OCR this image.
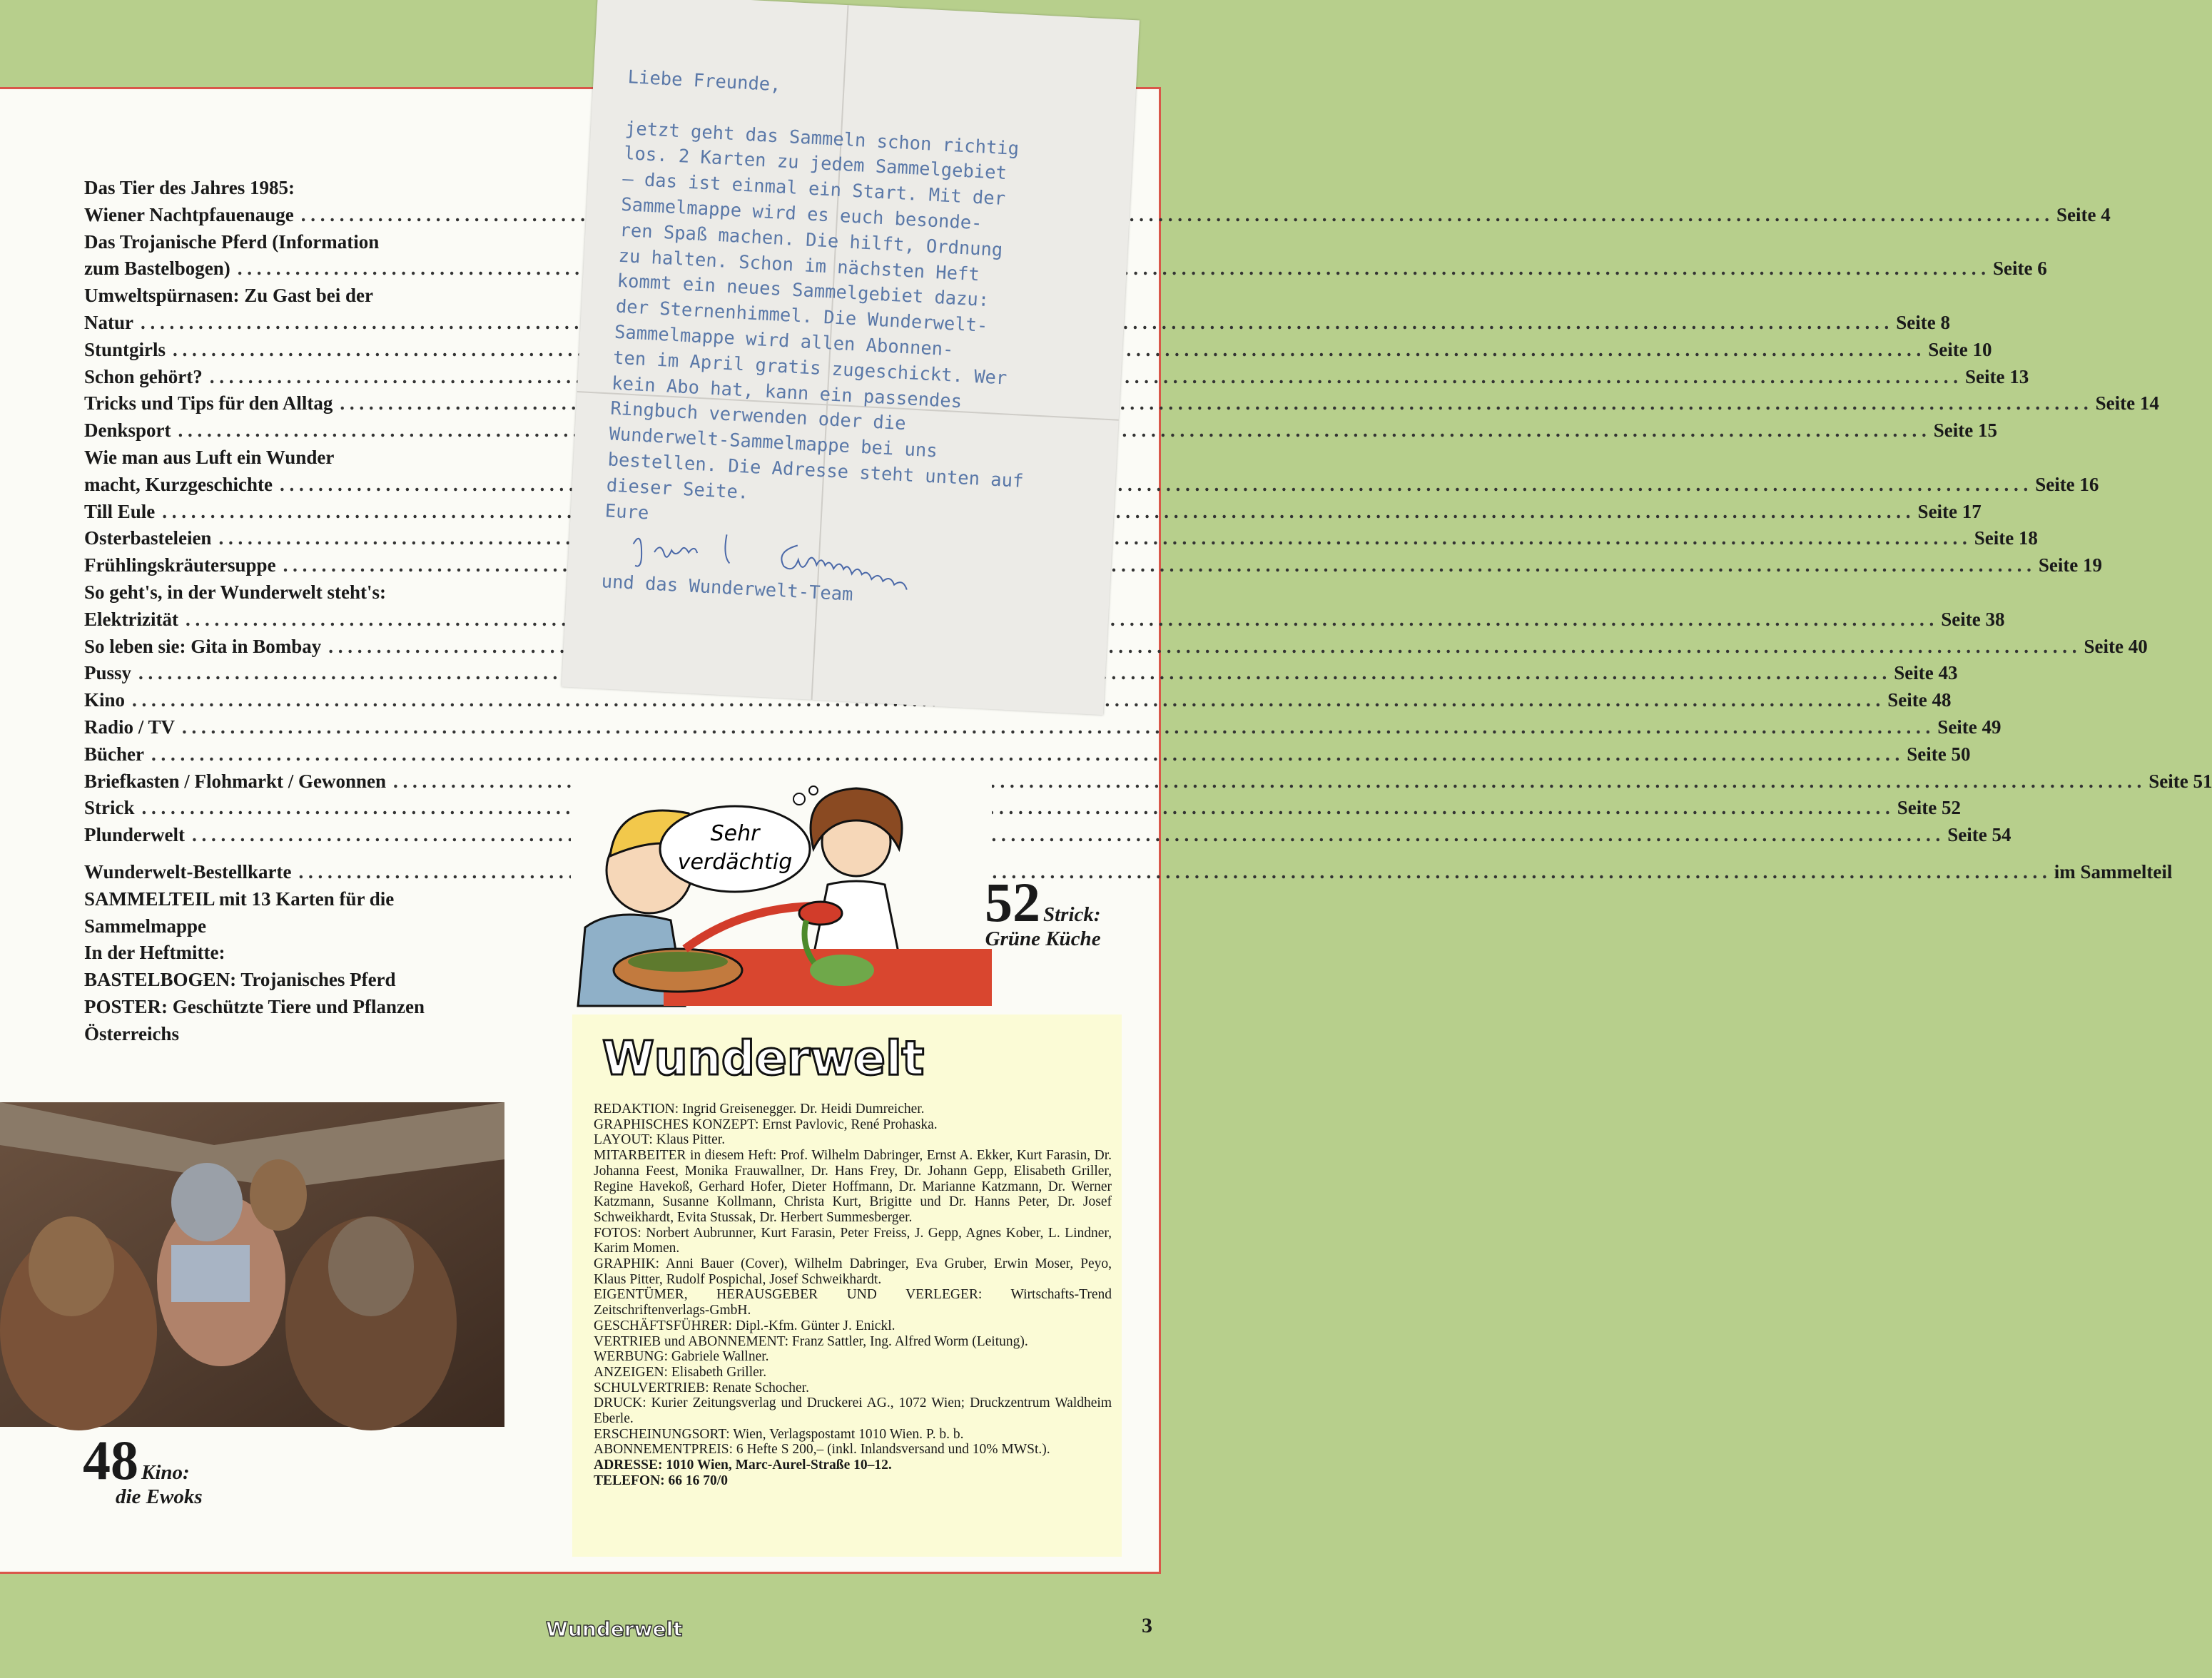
Das Tier des Jahres 1985:
Wiener Nachtpfauenauge . . .	Seite 4
Das Trojanische Pferd (Information
zum Bastelbogen) . . .	Seite 6
Umweltspürnasen: Zu Gast bei der
Natur . . .	Seite 8
Stuntgirls . . .	Seite 10
Schon gehört? . . .	Seite 13
Tricks und Tips für den Alltag . . .	Seite 14
Denksport . . .	Seite 15
Wie man aus Luft ein Wunder
macht, Kurzgeschichte . . .	Seite 16
Till Eule . . .	Seite 17
Osterbasteleien . . .	Seite 18
Frühlingskräutersuppe . . .	Seite 19
So geht's, in der Wunderwelt steht's:
Elektrizität . . .	Seite 38
So leben sie: Gita in Bombay . . .	Seite 40
Pussy . . .	Seite 43
Kino . . .	Seite 48
Radio / TV . . .	Seite 49
Bücher . . .	Seite 50
Briefkasten / Flohmarkt / Gewonnen . . .	Seite 51
Strick . . .	Seite 52
Plunderwelt . . .	Seite 54
Wunderwelt-Bestellkarte . . .	im Sammelteil
SAMMELTEIL mit 13 Karten für die
Sammelmappe
In der Heftmitte:
BASTELBOGEN: Trojanisches Pferd
POSTER: Geschützte Tiere und Pflanzen
Österreichs
Liebe Freunde,

jetzt geht das Sammeln schon richtig
los. 2 Karten zu jedem Sammelgebiet
– das ist einmal ein Start. Mit der
Sammelmappe wird es euch besonde-
ren Spaß machen. Die hilft, Ordnung
zu halten. Schon im nächsten Heft
kommt ein neues Sammelgebiet dazu:
der Sternenhimmel. Die Wunderwelt-
Sammelmappe wird allen Abonnen-
ten im April gratis zugeschickt. Wer
kein Abo hat, kann ein passendes
Ringbuch verwenden oder die
Wunderwelt-Sammelmappe bei uns
bestellen. Die Adresse steht unten auf
dieser Seite.
Eure
und das Wunderwelt-Team
Sehr
verdächtig
52 Strick:
Grüne Küche
48 Kino:
die Ewoks
Wunderwelt

REDAKTION: Ingrid Greisenegger. Dr. Heidi Dumreicher.

GRAPHISCHES KONZEPT: Ernst Pavlovic, René Prohaska.

LAYOUT: Klaus Pitter.

MITARBEITER in diesem Heft: Prof. Wilhelm Dabringer, Ernst A. Ekker, Kurt Farasin, Dr. Johanna Feest, Monika Frauwallner, Dr. Hans Frey, Dr. Johann Gepp, Elisabeth Griller, Regine Havekoß, Gerhard Hofer, Dieter Hoffmann, Dr. Marianne Katzmann, Dr. Werner Katzmann, Susanne Kollmann, Christa Kurt, Brigitte und Dr. Hanns Peter, Dr. Josef Schweikhardt, Evita Stussak, Dr. Herbert Summesberger.

FOTOS: Norbert Aubrunner, Kurt Farasin, Peter Freiss, J. Gepp, Agnes Kober, L. Lindner, Karim Momen.

GRAPHIK: Anni Bauer (Cover), Wilhelm Dabringer, Eva Gruber, Erwin Moser, Peyo, Klaus Pitter, Rudolf Pospichal, Josef Schweikhardt.

EIGENTÜMER, HERAUSGEBER UND VERLEGER: Wirtschafts-Trend Zeitschriftenverlags-GmbH.

GESCHÄFTSFÜHRER: Dipl.-Kfm. Günter J. Enickl.

VERTRIEB und ABONNEMENT: Franz Sattler, Ing. Alfred Worm (Leitung).

WERBUNG: Gabriele Wallner.

ANZEIGEN: Elisabeth Griller.

SCHULVERTRIEB: Renate Schocher.

DRUCK: Kurier Zeitungsverlag und Druckerei AG., 1072 Wien; Druckzentrum Waldheim Eberle.

ERSCHEINUNGSORT: Wien, Verlagspostamt 1010 Wien. P. b. b.

ABONNEMENTPREIS: 6 Hefte S 200,– (inkl. Inlandsversand und 10% MWSt.).

ADRESSE: 1010 Wien, Marc-Aurel-Straße 10–12.

TELEFON: 66 16 70/0

Wunderwelt	3
